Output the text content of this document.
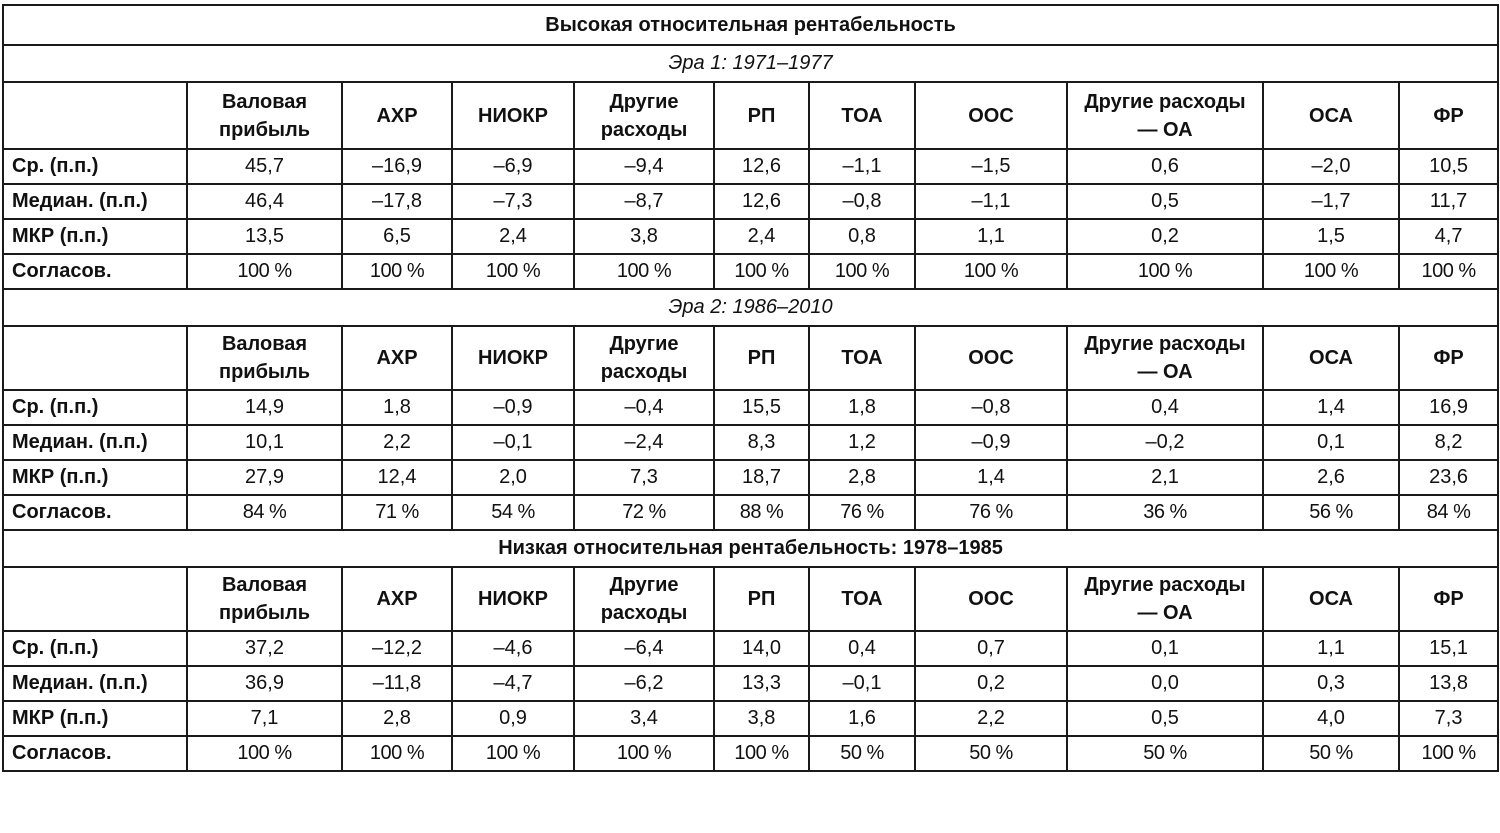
Высокая относительная рентабельность										
Эра 1: 1971–1977										
	Валовая прибыль	АХР	НИОКР	Другие расходы	РП	ТОА	ООС	Другие расходы — ОА	ОСА	ФР
Ср. (п.п.)	45,7	–16,9	–6,9	–9,4	12,6	–1,1	–1,5	0,6	–2,0	10,5
Медиан. (п.п.)	46,4	–17,8	–7,3	–8,7	12,6	–0,8	–1,1	0,5	–1,7	11,7
МКР (п.п.)	13,5	6,5	2,4	3,8	2,4	0,8	1,1	0,2	1,5	4,7
Согласов.	100 %	100 %	100 %	100 %	100 %	100 %	100 %	100 %	100 %	100 %
Эра 2: 1986–2010										
	Валовая прибыль	АХР	НИОКР	Другие расходы	РП	ТОА	ООС	Другие расходы — ОА	ОСА	ФР
Ср. (п.п.)	14,9	1,8	–0,9	–0,4	15,5	1,8	–0,8	0,4	1,4	16,9
Медиан. (п.п.)	10,1	2,2	–0,1	–2,4	8,3	1,2	–0,9	–0,2	0,1	8,2
МКР (п.п.)	27,9	12,4	2,0	7,3	18,7	2,8	1,4	2,1	2,6	23,6
Согласов.	84 %	71 %	54 %	72 %	88 %	76 %	76 %	36 %	56 %	84 %
Низкая относительная рентабельность: 1978–1985										
	Валовая прибыль	АХР	НИОКР	Другие расходы	РП	ТОА	ООС	Другие расходы — ОА	ОСА	ФР
Ср. (п.п.)	37,2	–12,2	–4,6	–6,4	14,0	0,4	0,7	0,1	1,1	15,1
Медиан. (п.п.)	36,9	–11,8	–4,7	–6,2	13,3	–0,1	0,2	0,0	0,3	13,8
МКР (п.п.)	7,1	2,8	0,9	3,4	3,8	1,6	2,2	0,5	4,0	7,3
Согласов.	100 %	100 %	100 %	100 %	100 %	50 %	50 %	50 %	50 %	100 %
